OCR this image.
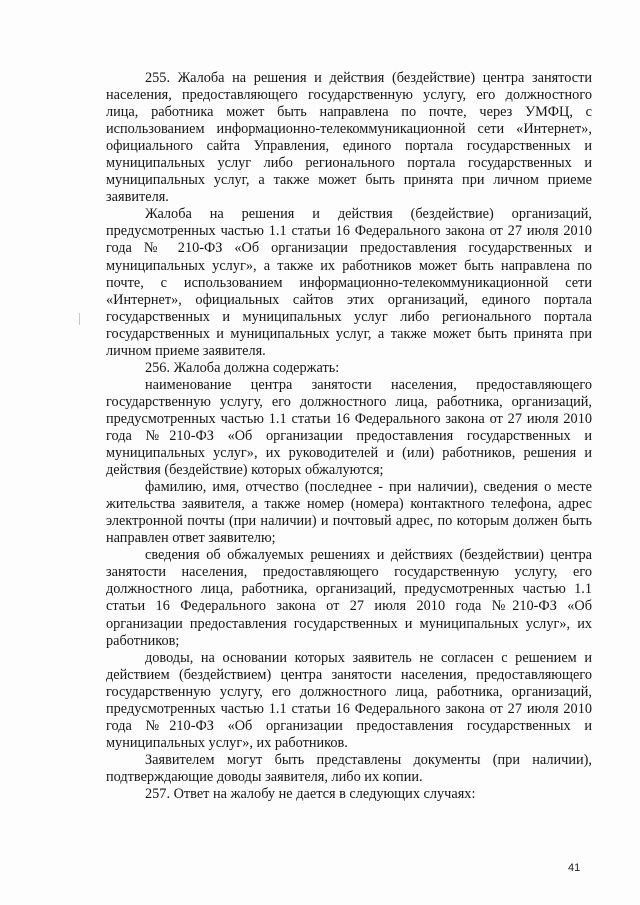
255. Жалоба на решения и действия (бездействие) центра занятости населения, предоставляющего государственную услугу, его должностного лица, работника может быть направлена по почте, через УМФЦ, с использованием информационно-телекоммуникационной сети «Интернет», официального сайта Управления, единого портала государственных и муниципальных услуг либо регионального портала государственных и муниципальных услуг, а также может быть принята при личном приеме заявителя.

Жалоба на решения и действия (бездействие) организаций, предусмотренных частью 1.1 статьи 16 Федерального закона от 27 июля 2010 года № 210-ФЗ «Об организации предоставления государственных и муниципальных услуг», а также их работников может быть направлена по почте, с использованием информационно-телекоммуникационной сети «Интернет», официальных сайтов этих организаций, единого портала государственных и муниципальных услуг либо регионального портала государственных и муниципальных услуг, а также может быть принята при личном приеме заявителя.

256. Жалоба должна содержать:

наименование центра занятости населения, предоставляющего государственную услугу, его должностного лица, работника, организаций, предусмотренных частью 1.1 статьи 16 Федерального закона от 27 июля 2010 года №210-ФЗ «Об организации предоставления государственных и муниципальных услуг», их руководителей и (или) работников, решения и действия (бездействие) которых обжалуются;

фамилию, имя, отчество (последнее - при наличии), сведения о месте жительства заявителя, а также номер (номера) контактного телефона, адрес электронной почты (при наличии) и почтовый адрес, по которым должен быть направлен ответ заявителю;

сведения об обжалуемых решениях и действиях (бездействии) центра занятости населения, предоставляющего государственную услугу, его должностного лица, работника, организаций, предусмотренных частью 1.1 статьи 16 Федерального закона от 27 июля 2010 года №210-ФЗ «Об организации предоставления государственных и муниципальных услуг», их работников;

доводы, на основании которых заявитель не согласен с решением и действием (бездействием) центра занятости населения, предоставляющего государственную услугу, его должностного лица, работника, организаций, предусмотренных частью 1.1 статьи 16 Федерального закона от 27 июля 2010 года №210-ФЗ «Об организации предоставления государственных и муниципальных услуг», их работников.

Заявителем могут быть представлены документы (при наличии), подтверждающие доводы заявителя, либо их копии.

257. Ответ на жалобу не дается в следующих случаях:

41
